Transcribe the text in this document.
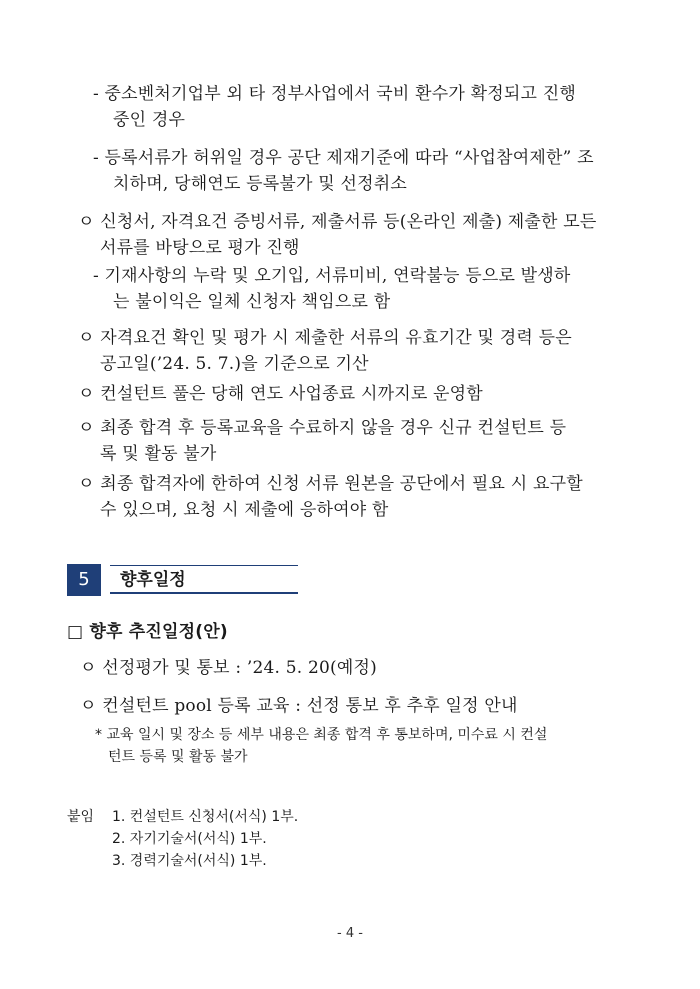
- 중소벤처기업부 외 타 정부사업에서 국비 환수가 확정되고 진행
중인 경우
- 등록서류가 허위일 경우 공단 제재기준에 따라 “사업참여제한” 조
치하며, 당해연도 등록불가 및 선정취소
ㅇ 신청서, 자격요건 증빙서류, 제출서류 등(온라인 제출) 제출한 모든
서류를 바탕으로 평가 진행
- 기재사항의 누락 및 오기입, 서류미비, 연락불능 등으로 발생하
는 불이익은 일체 신청자 책임으로 함
ㅇ 자격요건 확인 및 평가 시 제출한 서류의 유효기간 및 경력 등은
공고일(’24. 5. 7.)을 기준으로 기산
ㅇ 컨설턴트 풀은 당해 연도 사업종료 시까지로 운영함
ㅇ 최종 합격 후 등록교육을 수료하지 않을 경우 신규 컨설턴트 등
록 및 활동 불가
ㅇ 최종 합격자에 한하여 신청 서류 원본을 공단에서 필요 시 요구할
수 있으며, 요청 시 제출에 응하여야 함
5	향후일정
□ 향후 추진일정(안)
ㅇ 선정평가 및 통보 : ’24. 5. 20(예정)
ㅇ 컨설턴트 pool 등록 교육 : 선정 통보 후 추후 일정 안내
* 교육 일시 및 장소 등 세부 내용은 최종 합격 후 통보하며, 미수료 시 컨설
턴트 등록 및 활동 불가
붙임 1. 컨설턴트 신청서(서식) 1부.
2. 자기기술서(서식) 1부.
3. 경력기술서(서식) 1부.
- 4 -
